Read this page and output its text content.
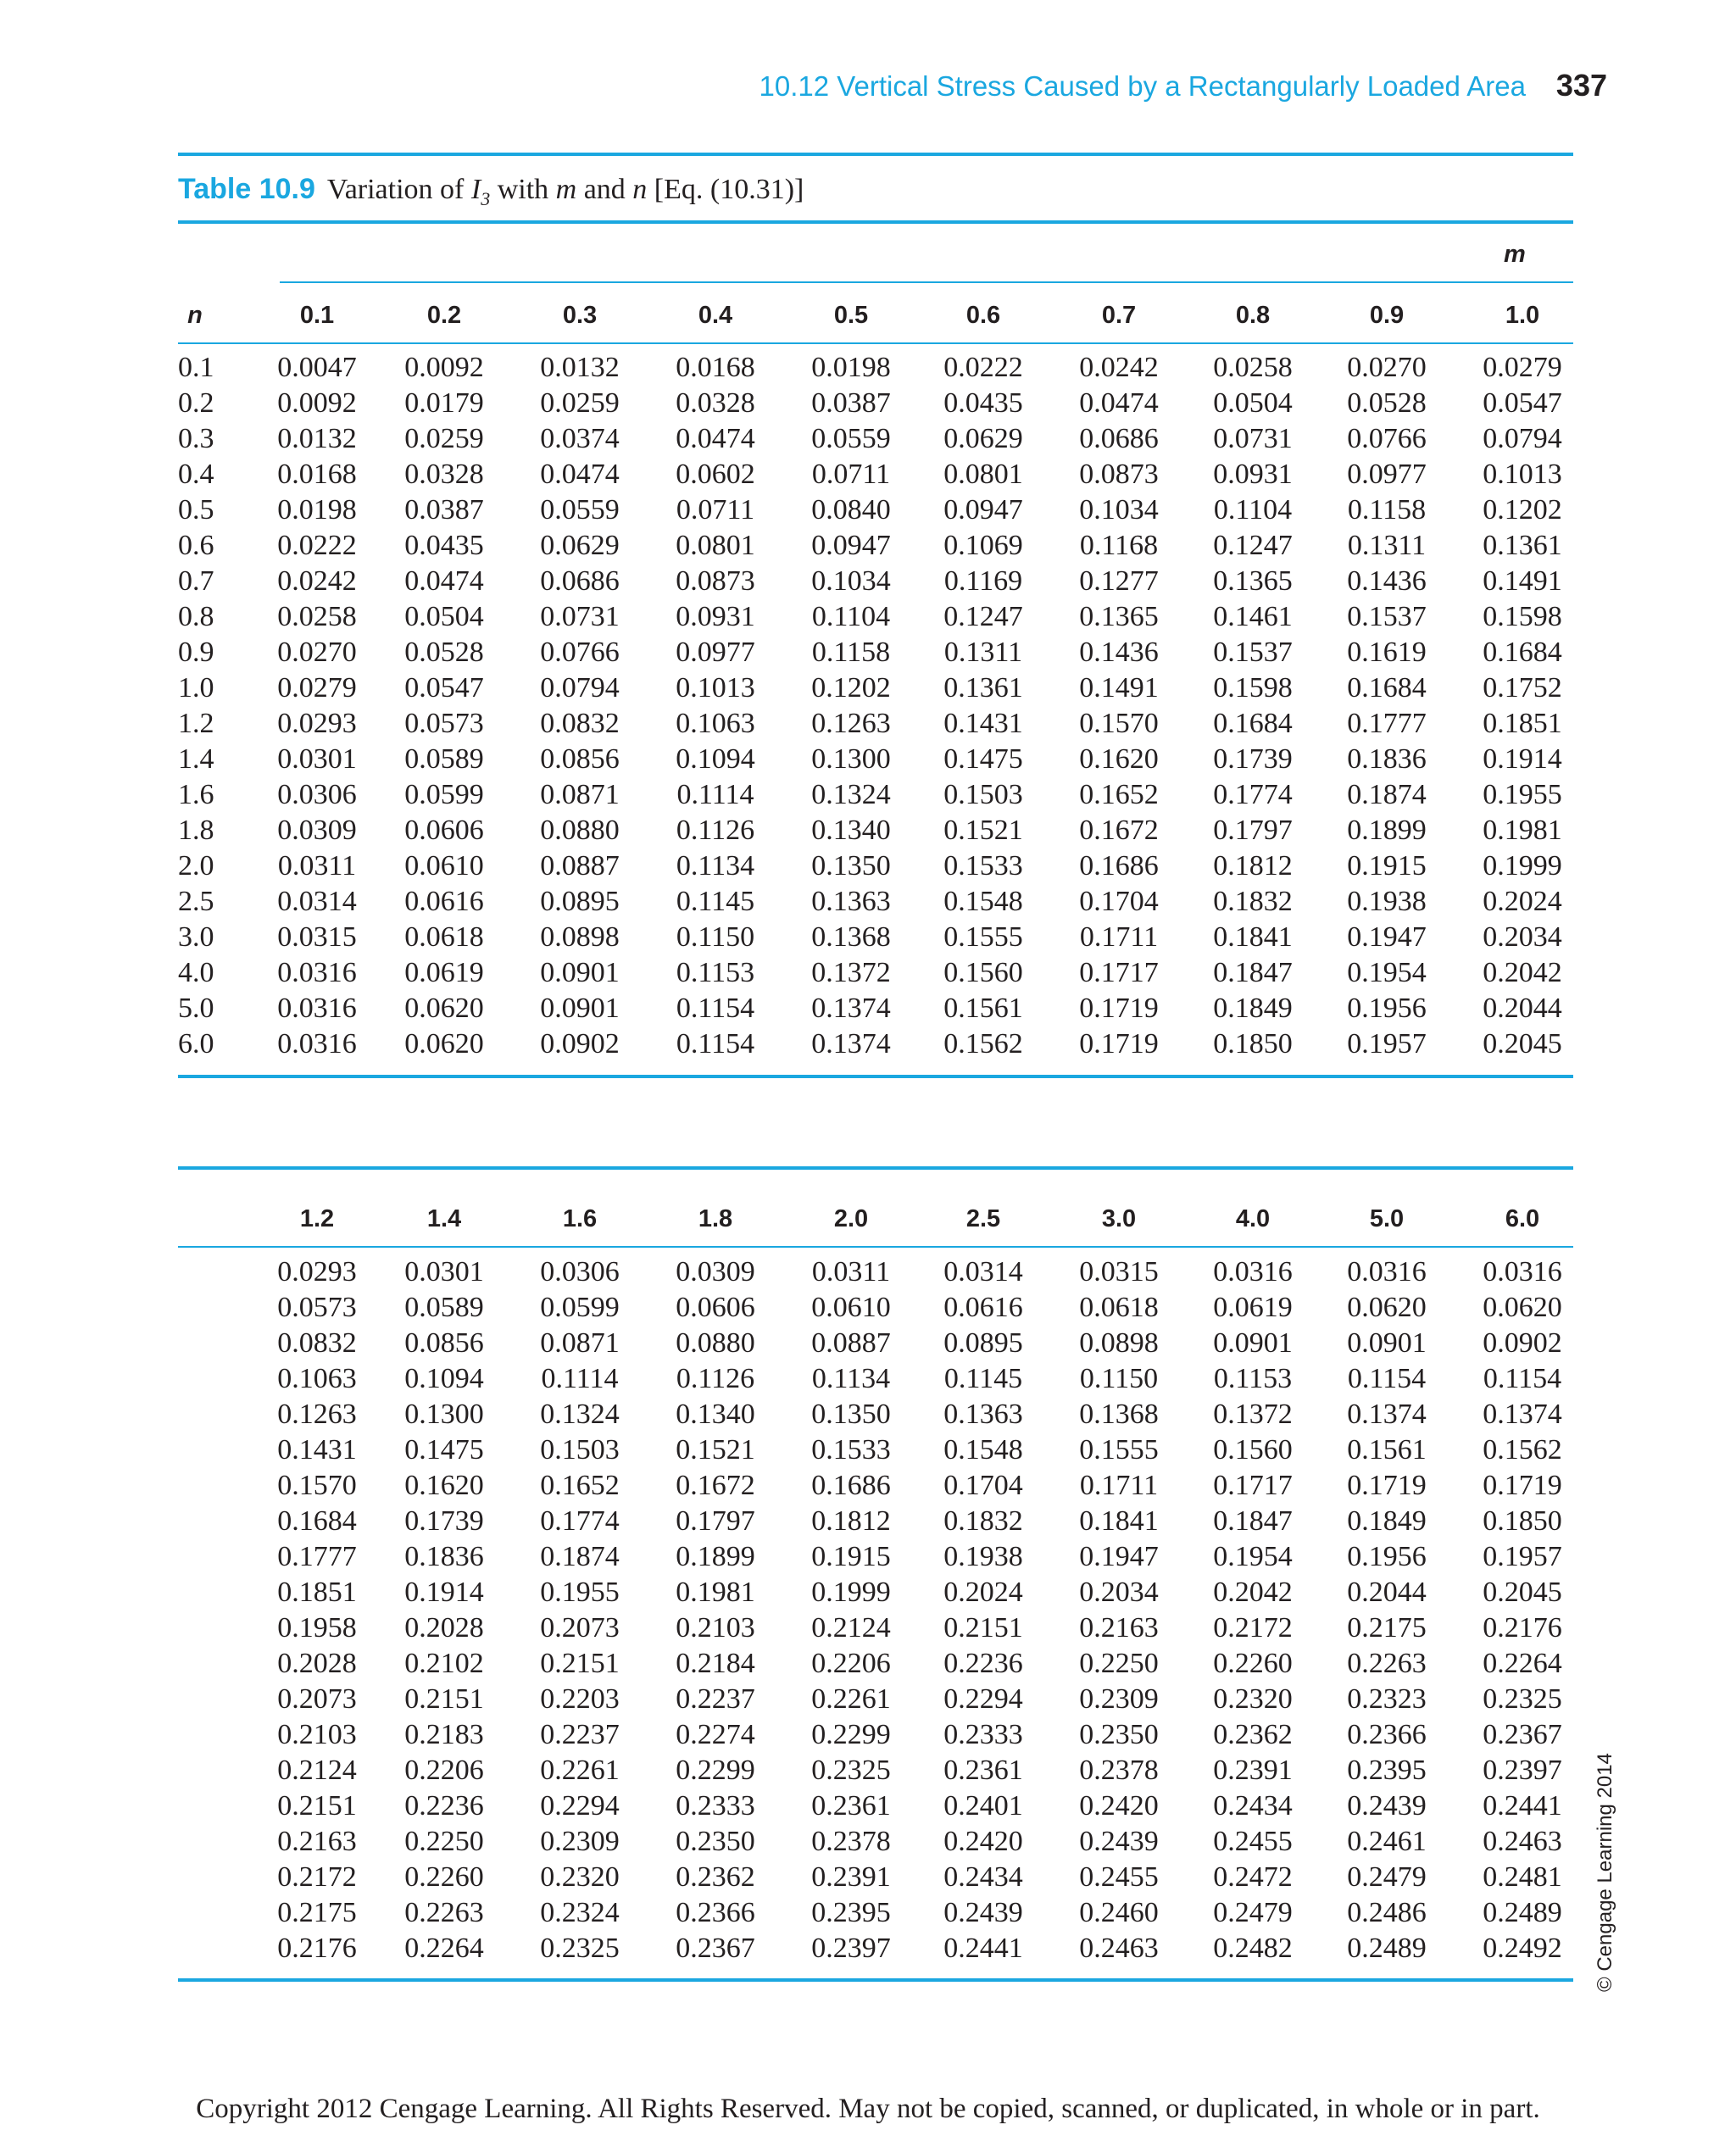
10.12 Vertical Stress Caused by a Rectangularly Loaded Area 337
Table 10.9 Variation of $I_3$ with m and n [Eq. (10.31)]
m
n	0.1	0.2	0.3	0.4	0.5	0.6	0.7	0.8	0.9	1.0
0.1	0.0047	0.0092	0.0132	0.0168	0.0198	0.0222	0.0242	0.0258	0.0270	0.0279
0.2	0.0092	0.0179	0.0259	0.0328	0.0387	0.0435	0.0474	0.0504	0.0528	0.0547
0.3	0.0132	0.0259	0.0374	0.0474	0.0559	0.0629	0.0686	0.0731	0.0766	0.0794
0.4	0.0168	0.0328	0.0474	0.0602	0.0711	0.0801	0.0873	0.0931	0.0977	0.1013
0.5	0.0198	0.0387	0.0559	0.0711	0.0840	0.0947	0.1034	0.1104	0.1158	0.1202
0.6	0.0222	0.0435	0.0629	0.0801	0.0947	0.1069	0.1168	0.1247	0.1311	0.1361
0.7	0.0242	0.0474	0.0686	0.0873	0.1034	0.1169	0.1277	0.1365	0.1436	0.1491
0.8	0.0258	0.0504	0.0731	0.0931	0.1104	0.1247	0.1365	0.1461	0.1537	0.1598
0.9	0.0270	0.0528	0.0766	0.0977	0.1158	0.1311	0.1436	0.1537	0.1619	0.1684
1.0	0.0279	0.0547	0.0794	0.1013	0.1202	0.1361	0.1491	0.1598	0.1684	0.1752
1.2	0.0293	0.0573	0.0832	0.1063	0.1263	0.1431	0.1570	0.1684	0.1777	0.1851
1.4	0.0301	0.0589	0.0856	0.1094	0.1300	0.1475	0.1620	0.1739	0.1836	0.1914
1.6	0.0306	0.0599	0.0871	0.1114	0.1324	0.1503	0.1652	0.1774	0.1874	0.1955
1.8	0.0309	0.0606	0.0880	0.1126	0.1340	0.1521	0.1672	0.1797	0.1899	0.1981
2.0	0.0311	0.0610	0.0887	0.1134	0.1350	0.1533	0.1686	0.1812	0.1915	0.1999
2.5	0.0314	0.0616	0.0895	0.1145	0.1363	0.1548	0.1704	0.1832	0.1938	0.2024
3.0	0.0315	0.0618	0.0898	0.1150	0.1368	0.1555	0.1711	0.1841	0.1947	0.2034
4.0	0.0316	0.0619	0.0901	0.1153	0.1372	0.1560	0.1717	0.1847	0.1954	0.2042
5.0	0.0316	0.0620	0.0901	0.1154	0.1374	0.1561	0.1719	0.1849	0.1956	0.2044
6.0	0.0316	0.0620	0.0902	0.1154	0.1374	0.1562	0.1719	0.1850	0.1957	0.2045
1.2	1.4	1.6	1.8	2.0	2.5	3.0	4.0	5.0	6.0
0.0293	0.0301	0.0306	0.0309	0.0311	0.0314	0.0315	0.0316	0.0316	0.0316
0.0573	0.0589	0.0599	0.0606	0.0610	0.0616	0.0618	0.0619	0.0620	0.0620
0.0832	0.0856	0.0871	0.0880	0.0887	0.0895	0.0898	0.0901	0.0901	0.0902
0.1063	0.1094	0.1114	0.1126	0.1134	0.1145	0.1150	0.1153	0.1154	0.1154
0.1263	0.1300	0.1324	0.1340	0.1350	0.1363	0.1368	0.1372	0.1374	0.1374
0.1431	0.1475	0.1503	0.1521	0.1533	0.1548	0.1555	0.1560	0.1561	0.1562
0.1570	0.1620	0.1652	0.1672	0.1686	0.1704	0.1711	0.1717	0.1719	0.1719
0.1684	0.1739	0.1774	0.1797	0.1812	0.1832	0.1841	0.1847	0.1849	0.1850
0.1777	0.1836	0.1874	0.1899	0.1915	0.1938	0.1947	0.1954	0.1956	0.1957
0.1851	0.1914	0.1955	0.1981	0.1999	0.2024	0.2034	0.2042	0.2044	0.2045
0.1958	0.2028	0.2073	0.2103	0.2124	0.2151	0.2163	0.2172	0.2175	0.2176
0.2028	0.2102	0.2151	0.2184	0.2206	0.2236	0.2250	0.2260	0.2263	0.2264
0.2073	0.2151	0.2203	0.2237	0.2261	0.2294	0.2309	0.2320	0.2323	0.2325
0.2103	0.2183	0.2237	0.2274	0.2299	0.2333	0.2350	0.2362	0.2366	0.2367
0.2124	0.2206	0.2261	0.2299	0.2325	0.2361	0.2378	0.2391	0.2395	0.2397
0.2151	0.2236	0.2294	0.2333	0.2361	0.2401	0.2420	0.2434	0.2439	0.2441
0.2163	0.2250	0.2309	0.2350	0.2378	0.2420	0.2439	0.2455	0.2461	0.2463
0.2172	0.2260	0.2320	0.2362	0.2391	0.2434	0.2455	0.2472	0.2479	0.2481
0.2175	0.2263	0.2324	0.2366	0.2395	0.2439	0.2460	0.2479	0.2486	0.2489
0.2176	0.2264	0.2325	0.2367	0.2397	0.2441	0.2463	0.2482	0.2489	0.2492	© Cengage Learning 2014
Copyright 2012 Cengage Learning. All Rights Reserved. May not be copied, scanned, or duplicated, in whole or in part.
